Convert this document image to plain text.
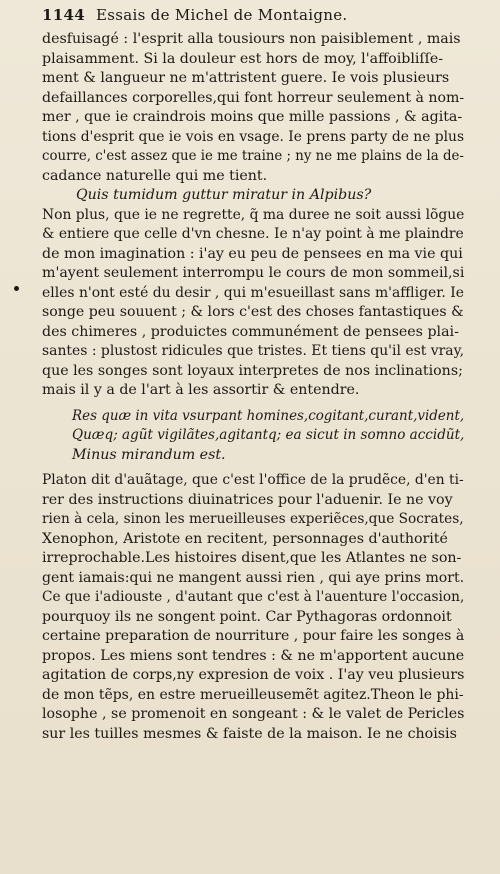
1144 Essais de Michel de Montaigne.
desfuisagé : l'esprit alla tousiours non paisiblement , mais
plaisamment. Si la douleur est hors de moy, l'affoibliſſe-
ment & langueur ne m'attristent guere. Ie vois plusieurs
defaillances corporelles,qui font horreur seulement à nom-
mer , que ie craindrois moins que mille passions , & agita-
tions d'esprit que ie vois en vsage. Ie prens party de ne plus
courre, c'est assez que ie me traine ; ny ne me plains de la de-
cadance naturelle qui me tient.
Quis tumidum guttur miratur in Alpibus?
Non plus, que ie ne regrette, q̃ ma duree ne soit aussi lõgue
& entiere que celle d'vn chesne. Ie n'ay point à me plaindre
de mon imagination : i'ay eu peu de pensees en ma vie qui
m'ayent seulement interrompu le cours de mon sommeil,si
elles n'ont esté du desir , qui m'esueillast sans m'affliger. Ie
songe peu souuent ; & lors c'est des choses fantastiques &
des chimeres , produictes communément de pensees plai-
santes : plustost ridicules que tristes. Et tiens qu'il est vray,
que les songes sont loyaux interpretes de nos inclinations;
mais il y a de l'art à les assortir & entendre.
Res quæ in vita vsurpant homines,cogitant,curant,vident,
Quæq; agũt vigilãtes,agitantq; ea sicut in somno accidũt,
Minus mirandum est.
Platon dit d'auãtage, que c'est l'office de la prudẽce, d'en ti-
rer des instructions diuinatrices pour l'aduenir. Ie ne voy
rien à cela, sinon les merueilleuses experiẽces,que Socrates,
Xenophon, Aristote en recitent, personnages d'authorité
irreprochable.Les histoires disent,que les Atlantes ne son-
gent iamais:qui ne mangent aussi rien , qui aye prins mort.
Ce que i'adiouste , d'autant que c'est à l'auenture l'occasion,
pourquoy ils ne songent point. Car Pythagoras ordonnoit
certaine preparation de nourriture , pour faire les songes à
propos. Les miens sont tendres : & ne m'apportent aucune
agitation de corps,ny expresion de voix . I'ay veu plusieurs
de mon tẽps, en estre merueilleusemẽt agitez.Theon le phi-
losophe , se promenoit en songeant : & le valet de Pericles
sur les tuilles mesmes & faiste de la maison. Ie ne choisis
